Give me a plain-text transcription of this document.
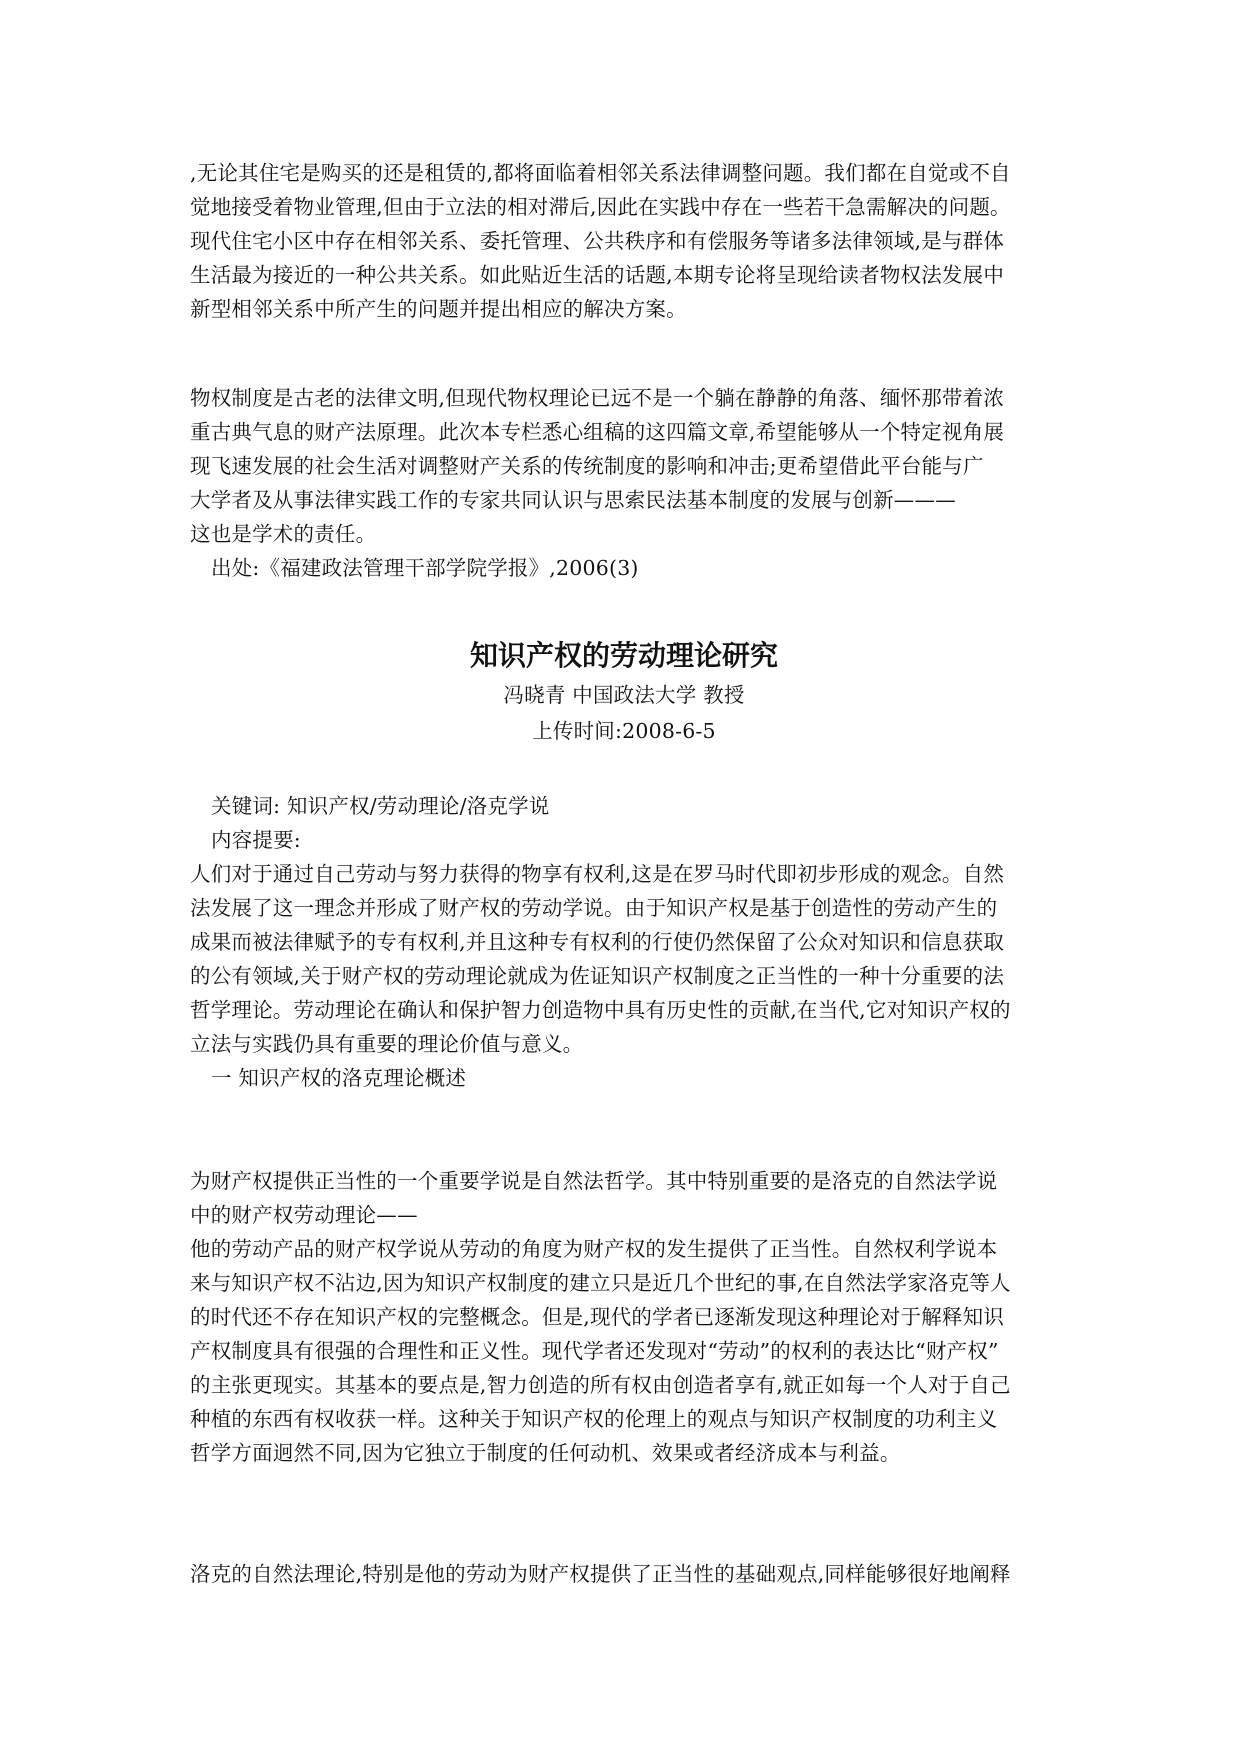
,无论其住宅是购买的还是租赁的,都将面临着相邻关系法律调整问题。我们都在自觉或不自
觉地接受着物业管理,但由于立法的相对滞后,因此在实践中存在一些若干急需解决的问题。
现代住宅小区中存在相邻关系、委托管理、公共秩序和有偿服务等诸多法律领域,是与群体
生活最为接近的一种公共关系。如此贴近生活的话题,本期专论将呈现给读者物权法发展中
新型相邻关系中所产生的问题并提出相应的解决方案。
物权制度是古老的法律文明,但现代物权理论已远不是一个躺在静静的角落、缅怀那带着浓
重古典气息的财产法原理。此次本专栏悉心组稿的这四篇文章,希望能够从一个特定视角展
现飞速发展的社会生活对调整财产关系的传统制度的影响和冲击;更希望借此平台能与广
大学者及从事法律实践工作的专家共同认识与思索民法基本制度的发展与创新———
这也是学术的责任。
出处:《福建政法管理干部学院学报》,2006(3)
知识产权的劳动理论研究
冯晓青 中国政法大学 教授
上传时间:2008-6-5
关键词: 知识产权/劳动理论/洛克学说
内容提要:
人们对于通过自己劳动与努力获得的物享有权利,这是在罗马时代即初步形成的观念。自然
法发展了这一理念并形成了财产权的劳动学说。由于知识产权是基于创造性的劳动产生的
成果而被法律赋予的专有权利,并且这种专有权利的行使仍然保留了公众对知识和信息获取
的公有领域,关于财产权的劳动理论就成为佐证知识产权制度之正当性的一种十分重要的法
哲学理论。劳动理论在确认和保护智力创造物中具有历史性的贡献,在当代,它对知识产权的
立法与实践仍具有重要的理论价值与意义。
一 知识产权的洛克理论概述
为财产权提供正当性的一个重要学说是自然法哲学。其中特别重要的是洛克的自然法学说
中的财产权劳动理论——
他的劳动产品的财产权学说从劳动的角度为财产权的发生提供了正当性。自然权利学说本
来与知识产权不沾边,因为知识产权制度的建立只是近几个世纪的事,在自然法学家洛克等人
的时代还不存在知识产权的完整概念。但是,现代的学者已逐渐发现这种理论对于解释知识
产权制度具有很强的合理性和正义性。现代学者还发现对“劳动”的权利的表达比“财产权”
的主张更现实。其基本的要点是,智力创造的所有权由创造者享有,就正如每一个人对于自己
种植的东西有权收获一样。这种关于知识产权的伦理上的观点与知识产权制度的功利主义
哲学方面迥然不同,因为它独立于制度的任何动机、效果或者经济成本与利益。
洛克的自然法理论,特别是他的劳动为财产权提供了正当性的基础观点,同样能够很好地阐释
